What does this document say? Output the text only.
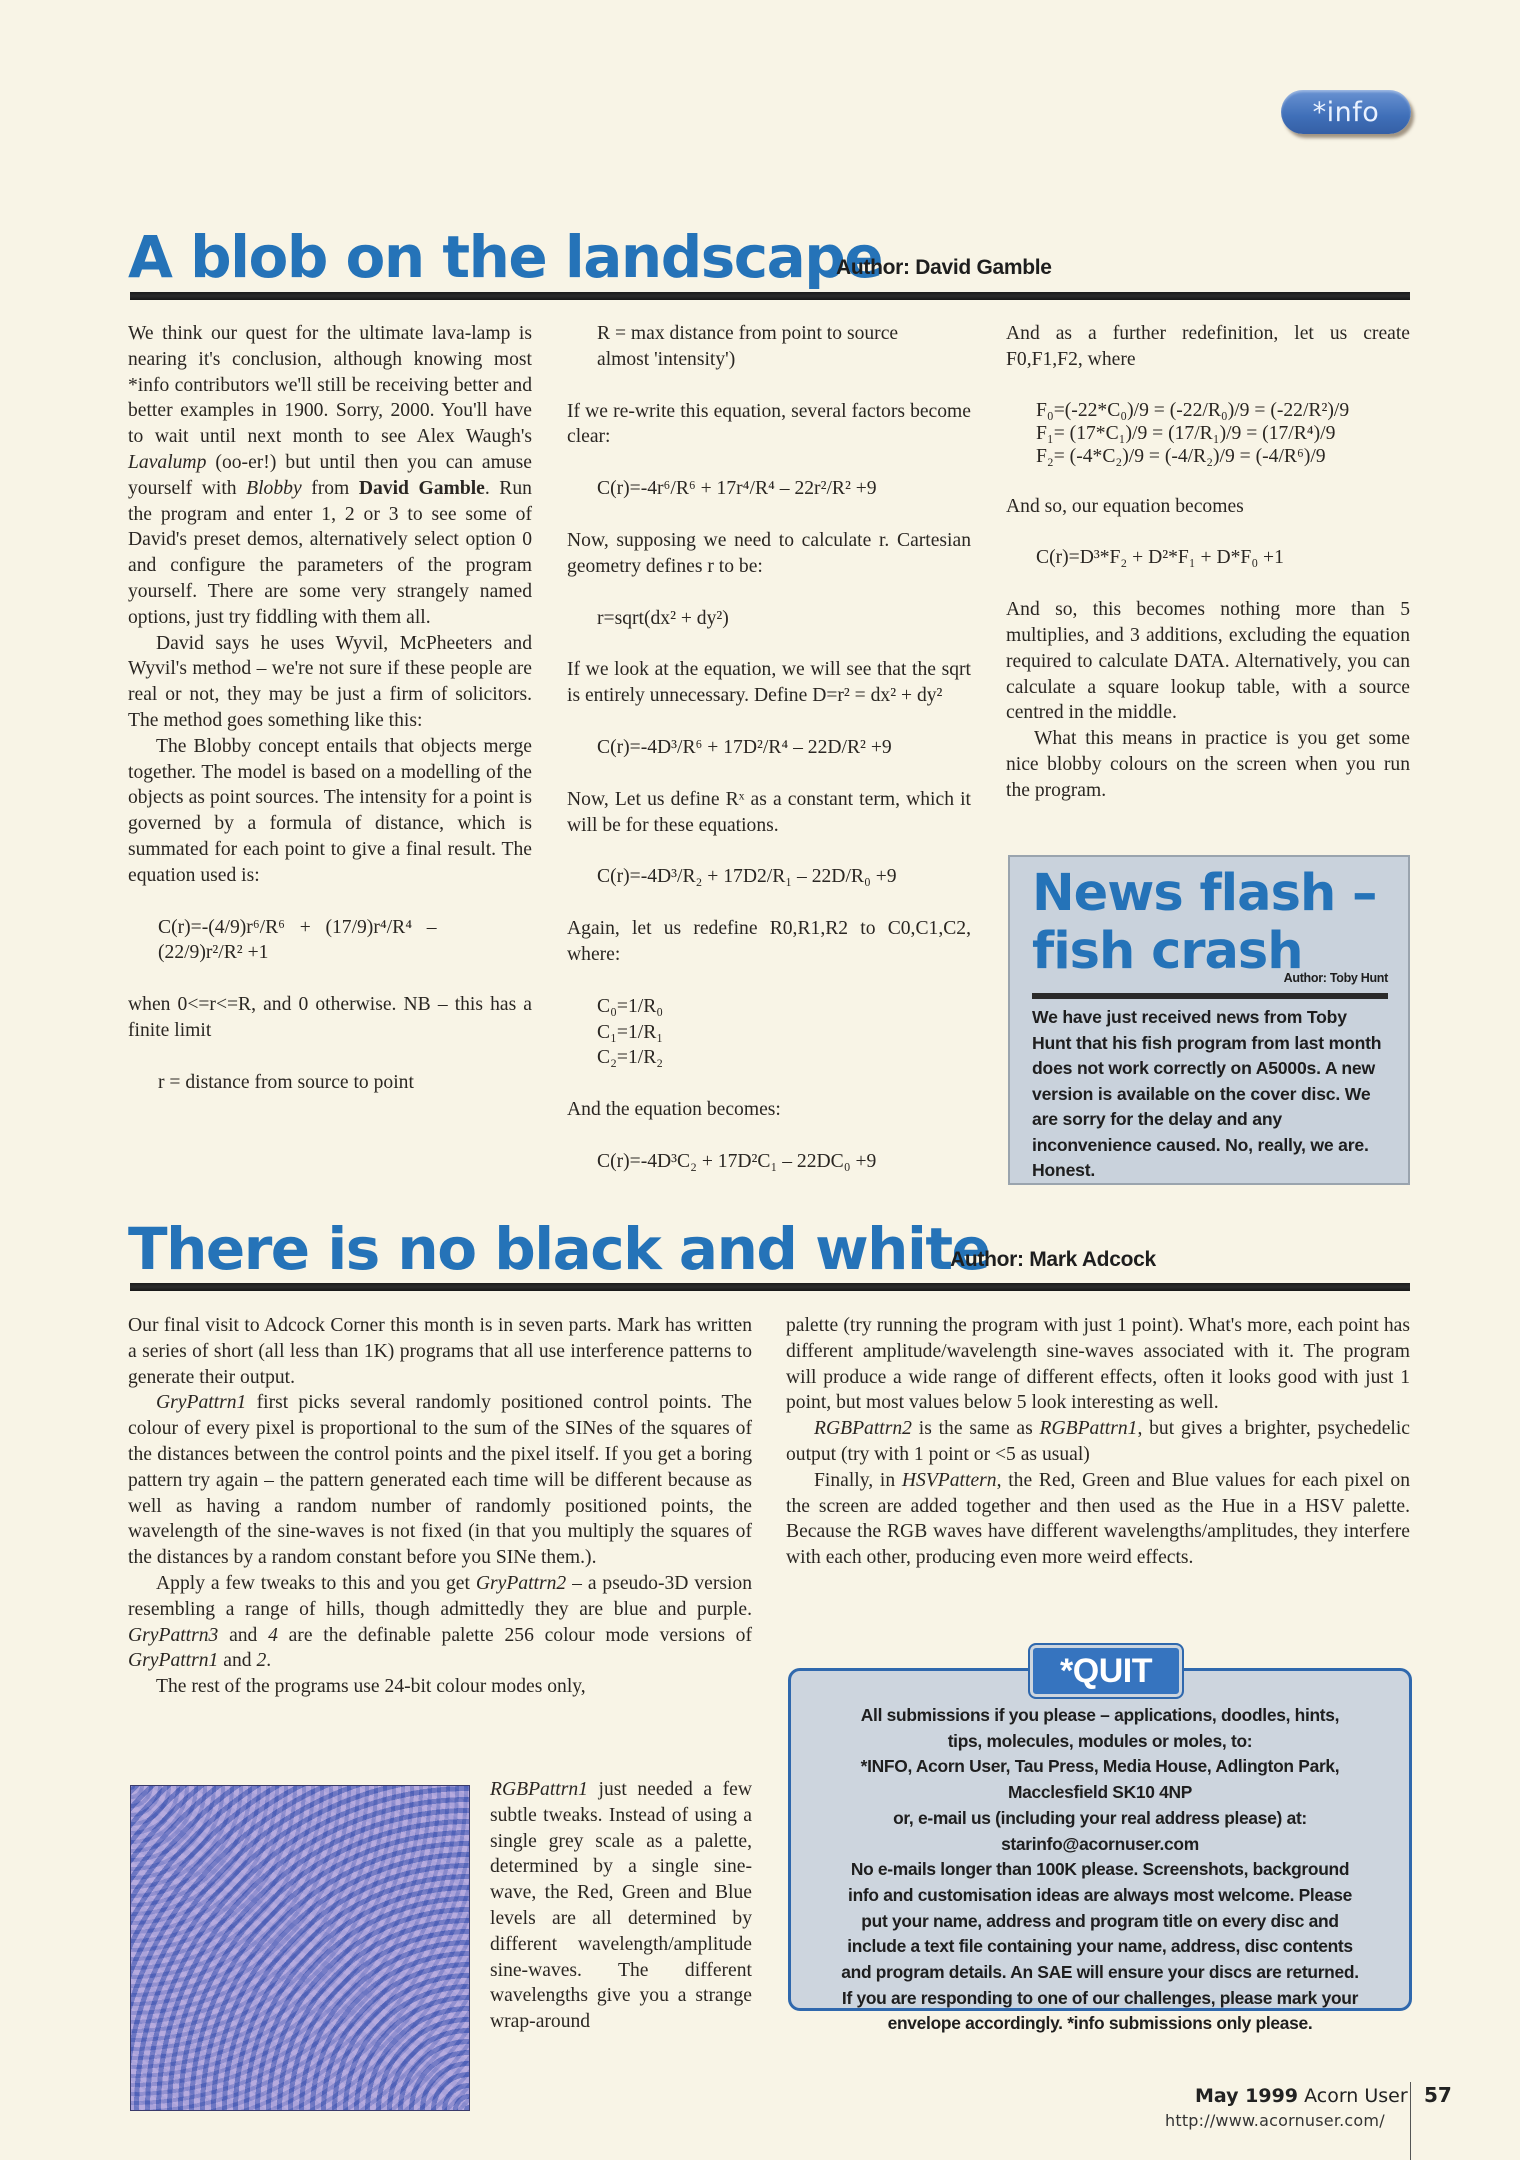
*info
A blob on the landscape
Author: David Gamble
We think our quest for the ultimate lava-lamp is nearing it's conclusion, although knowing most *info contributors we'll still be receiving better and better examples in 1900. Sorry, 2000. You'll have to wait until next month to see Alex Waugh's Lavalump (oo-er!) but until then you can amuse yourself with Blobby from David Gamble. Run the program and enter 1, 2 or 3 to see some of David's preset demos, alternatively select option 0 and configure the parameters of the program yourself. There are some very strangely named options, just try fiddling with them all.
David says he uses Wyvil, McPheeters and Wyvil's method – we're not sure if these people are real or not, they may be just a firm of solicitors. The method goes something like this:
The Blobby concept entails that objects merge together. The model is based on a modelling of the objects as point sources. The intensity for a point is governed by a formula of distance, which is summated for each point to give a final result. The equation used is:
C(r)=-(4/9)r⁶/R⁶   +   (17/9)r⁴/R⁴   –
(22/9)r²/R² +1
when 0<=r<=R, and 0 otherwise. NB – this has a finite limit
r = distance from source to point
R = max distance from point to source
almost 'intensity')
If we re-write this equation, several factors become clear:
C(r)=-4r⁶/R⁶ + 17r⁴/R⁴ – 22r²/R² +9
Now, supposing we need to calculate r. Cartesian geometry defines r to be:
r=sqrt(dx² + dy²)
If we look at the equation, we will see that the sqrt is entirely unnecessary. Define D=r² = dx² + dy²
C(r)=-4D³/R⁶ + 17D²/R⁴ – 22D/R² +9
Now, Let us define Rˣ as a constant term, which it will be for these equations.
C(r)=-4D³/R₂ + 17D2/R₁ – 22D/R₀ +9
Again, let us redefine R0,R1,R2 to C0,C1,C2, where:
C₀=1/R₀
C₁=1/R₁
C₂=1/R₂
And the equation becomes:
C(r)=-4D³C₂ + 17D²C₁ – 22DC₀ +9
And as a further redefinition, let us create F0,F1,F2, where
F₀=(-22*C₀)/9 = (-22/R₀)/9 = (-22/R²)/9
F₁= (17*C₁)/9 = (17/R₁)/9 = (17/R⁴)/9
F₂= (-4*C₂)/9 = (-4/R₂)/9 = (-4/R⁶)/9
And so, our equation becomes
C(r)=D³*F₂ + D²*F₁ + D*F₀ +1
And so, this becomes nothing more than 5 multiplies, and 3 additions, excluding the equation required to calculate DATA. Alternatively, you can calculate a square lookup table, with a source centred in the middle.
What this means in practice is you get some nice blobby colours on the screen when you run the program.
News flash –
fish crash
Author: Toby Hunt
We have just received news from Toby Hunt that his fish program from last month does not work correctly on A5000s. A new version is available on the cover disc. We are sorry for the delay and any inconvenience caused. No, really, we are. Honest.
There is no black and white
Author: Mark Adcock
Our final visit to Adcock Corner this month is in seven parts. Mark has written a series of short (all less than 1K) programs that all use interference patterns to generate their output.
GryPattrn1 first picks several randomly positioned control points. The colour of every pixel is proportional to the sum of the SINes of the squares of the distances between the control points and the pixel itself. If you get a boring pattern try again – the pattern generated each time will be different because as well as having a random number of randomly positioned points, the wavelength of the sine-waves is not fixed (in that you multiply the squares of the distances by a random constant before you SINe them.).
Apply a few tweaks to this and you get GryPattrn2 – a pseudo-3D version resembling a range of hills, though admittedly they are blue and purple. GryPattrn3 and 4 are the definable palette 256 colour mode versions of GryPattrn1 and 2.
The rest of the programs use 24-bit colour modes only,
RGBPattrn1 just needed a few subtle tweaks. Instead of using a single grey scale as a palette, determined by a single sine-wave, the Red, Green and Blue levels are all determined by different wavelength/amplitude sine-waves. The different wavelengths give you a strange wrap-around
palette (try running the program with just 1 point). What's more, each point has different amplitude/wavelength sine-waves associated with it. The program will produce a wide range of different effects, often it looks good with just 1 point, but most values below 5 look interesting as well.
RGBPattrn2 is the same as RGBPattrn1, but gives a brighter, psychedelic output (try with 1 point or <5 as usual)
Finally, in HSVPattern, the Red, Green and Blue values for each pixel on the screen are added together and then used as the Hue in a HSV palette. Because the RGB waves have different wavelengths/amplitudes, they interfere with each other, producing even more weird effects.
All submissions if you please – applications, doodles, hints,
tips, molecules, modules or moles, to:
*INFO, Acorn User, Tau Press, Media House, Adlington Park,
Macclesfield SK10 4NP
or, e-mail us (including your real address please) at:
starinfo@acornuser.com
No e-mails longer than 100K please. Screenshots, background
info and customisation ideas are always most welcome. Please
put your name, address and program title on every disc and
include a text file containing your name, address, disc contents
and program details. An SAE will ensure your discs are returned.
If you are responding to one of our challenges, please mark your
envelope accordingly. *info submissions only please.
*QUIT
May 1999 Acorn User
http://www.acornuser.com/
57
